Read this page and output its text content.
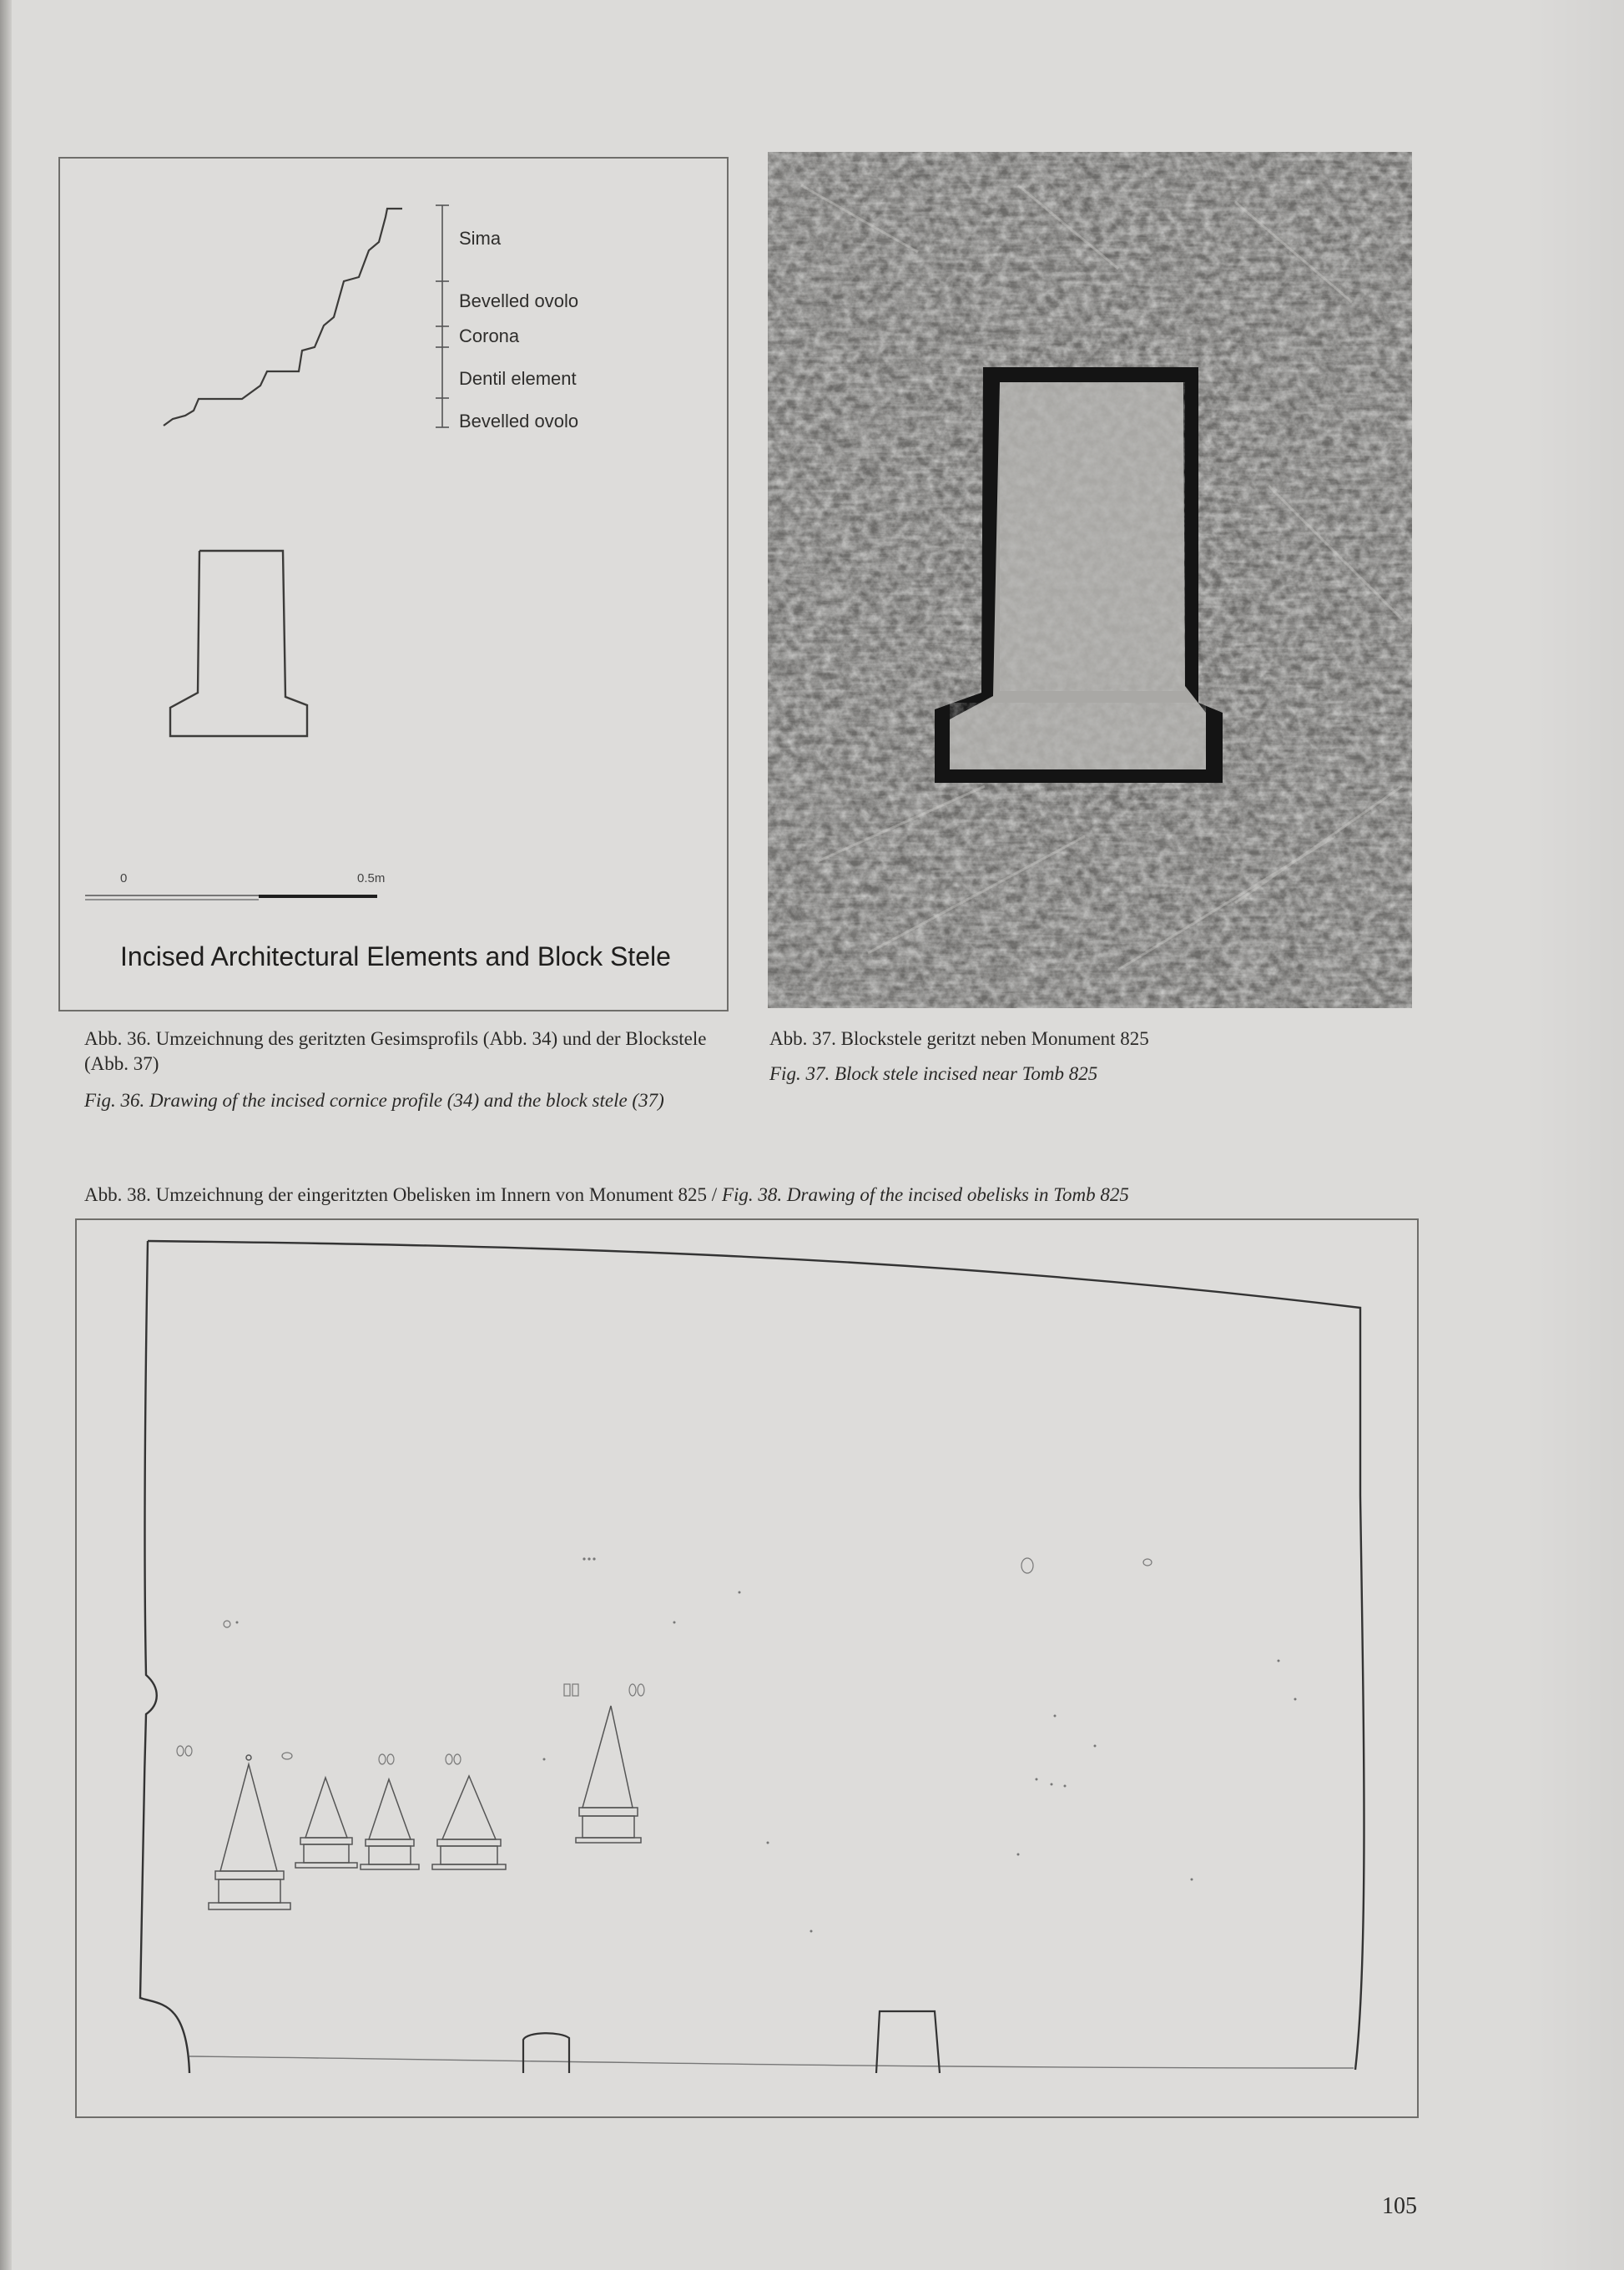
Sima
Bevelled ovolo
Corona
Dentil element
Bevelled ovolo
0	0.5m
Incised Architectural Elements and Block Stele
Abb. 36. Umzeichnung des geritzten Gesimsprofils (Abb. 34) und der Blockstele (Abb. 37)
Fig. 36. Drawing of the incised cornice profile (34) and the block stele (37)
Abb. 37. Blockstele geritzt neben Monument 825
Fig. 37. Block stele incised near Tomb 825
Abb. 38. Umzeichnung der eingeritzten Obelisken im Innern von Monument 825 / Fig. 38. Drawing of the incised obelisks in Tomb 825
105
